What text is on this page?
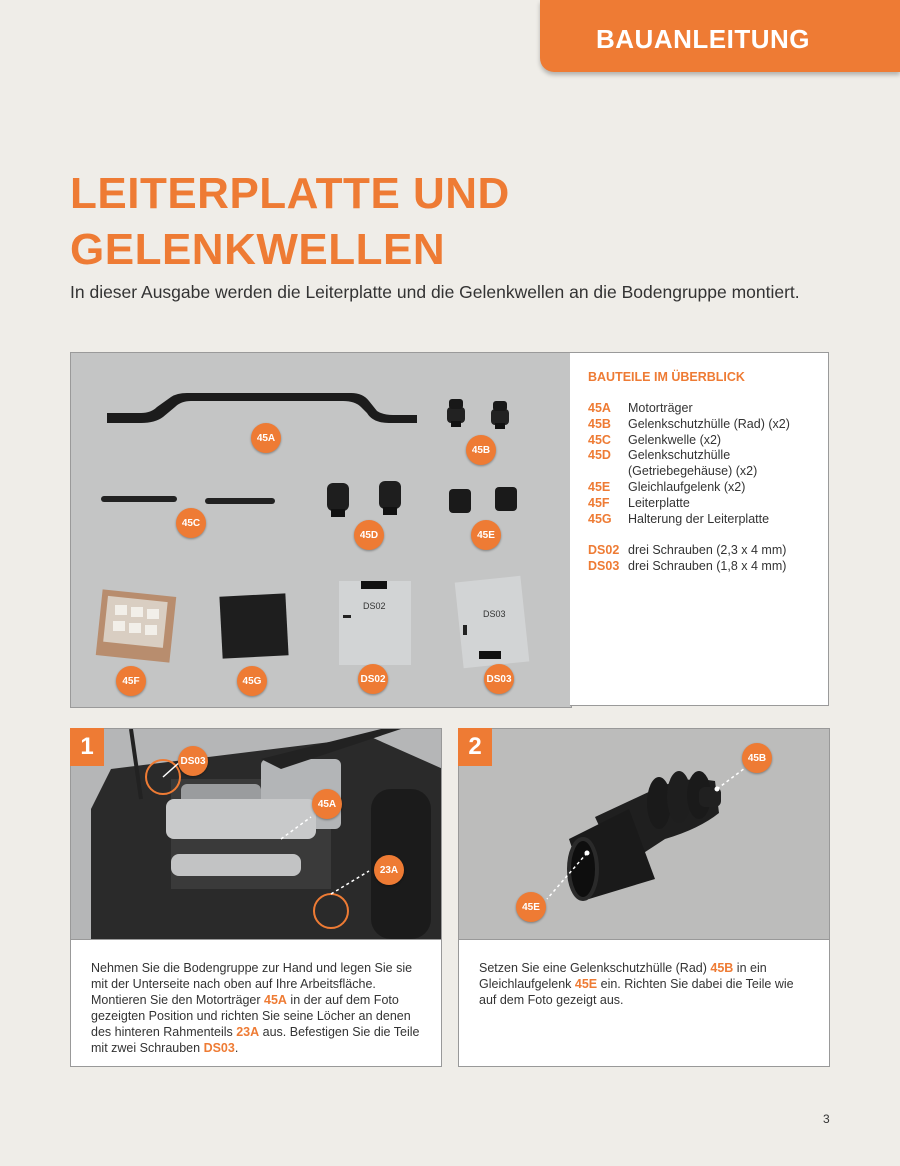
BAUANLEITUNG
LEITERPLATTE UND
GELENKWELLEN
In dieser Ausgabe werden die Leiterplatte und die Gelenkwellen an die Bodengruppe montiert.
DS02
DS03
45A
45B
45C
45D	45E
45F	45G	DS02	DS03
BAUTEILE IM ÜBERBLICK
45A	Motorträger
45B	Gelenkschutzhülle (Rad) (x2)
45C	Gelenkwelle (x2)
45D	Gelenkschutzhülle (Getriebegehäuse) (x2)
45E	Gleichlaufgelenk (x2)
45F	Leiterplatte
45G	Halterung der Leiterplatte
DS02 drei Schrauben (2,3 x 4 mm)
DS03 drei Schrauben (1,8 x 4 mm)
DS03
45A
23A
1
Nehmen Sie die Bodengruppe zur Hand und legen Sie sie mit der Unterseite nach oben auf Ihre Arbeitsfläche. Montieren Sie den Motorträger 45A in der auf dem Foto gezeigten Position und richten Sie seine Löcher an denen des hinteren Rahmenteils 23A aus. Befestigen Sie die Teile mit zwei Schrauben DS03.
45B
45E
2
Setzen Sie eine Gelenkschutzhülle (Rad) 45B in ein Gleichlaufgelenk 45E ein. Richten Sie dabei die Teile wie auf dem Foto gezeigt aus.
3
